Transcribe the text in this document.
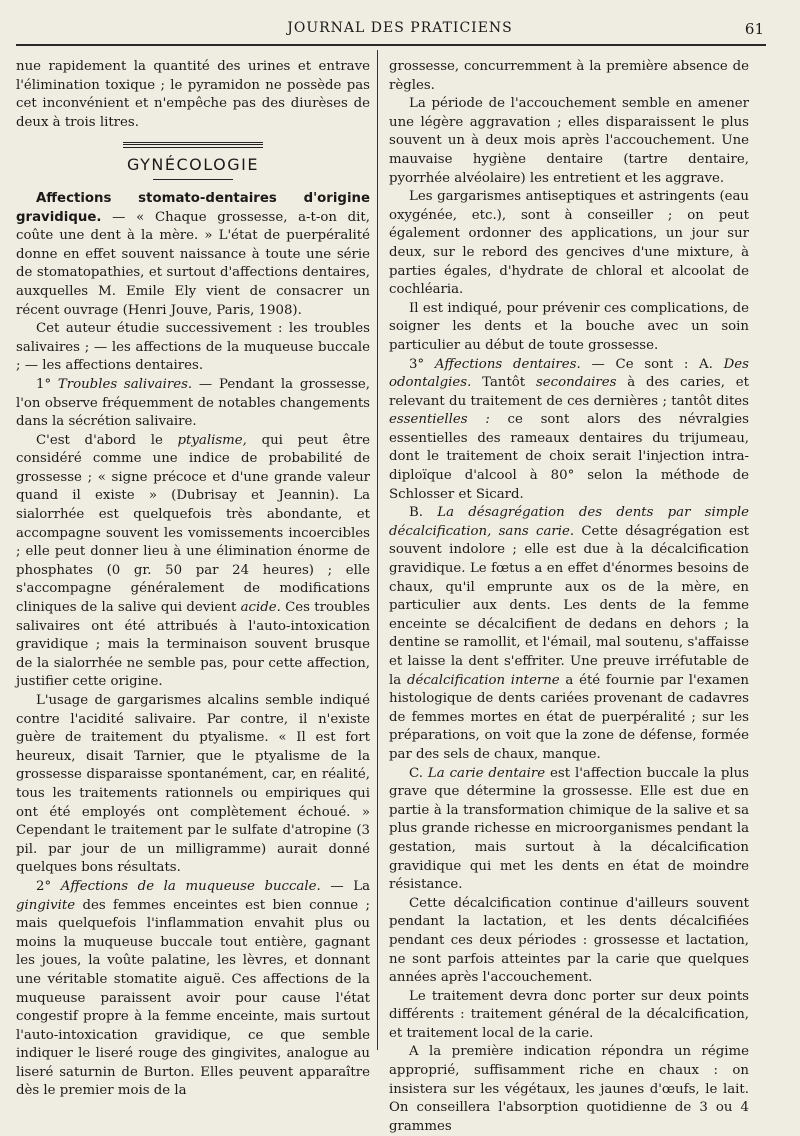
JOURNAL DES PRATICIENS	61

nue rapidement la quantité des urines et entrave l'élimination toxique ; le pyramidon ne possède pas cet inconvénient et n'empêche pas des diurèses de deux à trois litres.

GYNÉCOLOGIE

Affections stomato-dentaires d'origine gravidique. — « Chaque grossesse, a-t-on dit, coûte une dent à la mère. » L'état de puerpéralité donne en effet souvent naissance à toute une série de stomatopathies, et surtout d'affections dentaires, auxquelles M. Emile Ely vient de consacrer un récent ouvrage (Henri Jouve, Paris, 1908).

Cet auteur étudie successivement : les troubles salivaires ; — les affections de la muqueuse buccale ; — les affections dentaires.

1° Troubles salivaires. — Pendant la grossesse, l'on observe fréquemment de notables changements dans la sécrétion salivaire.

C'est d'abord le ptyalisme, qui peut être considéré comme une indice de probabilité de grossesse ; « signe précoce et d'une grande valeur quand il existe » (Dubrisay et Jeannin). La sialorrhée est quelquefois très abondante, et accompagne souvent les vomissements incoercibles ; elle peut donner lieu à une élimination énorme de phosphates (0 gr. 50 par 24 heures) ; elle s'accompagne généralement de modifications cliniques de la salive qui devient acide. Ces troubles salivaires ont été attribués à l'auto-intoxication gravidique ; mais la terminaison souvent brusque de la sialorrhée ne semble pas, pour cette affection, justifier cette origine.

L'usage de gargarismes alcalins semble indiqué contre l'acidité salivaire. Par contre, il n'existe guère de traitement du ptyalisme. « Il est fort heureux, disait Tarnier, que le ptyalisme de la grossesse disparaisse spontanément, car, en réalité, tous les traitements rationnels ou empiriques qui ont été employés ont complètement échoué. » Cependant le traitement par le sulfate d'atropine (3 pil. par jour de un milligramme) aurait donné quelques bons résultats.

2° Affections de la muqueuse buccale. — La gingivite des femmes enceintes est bien connue ; mais quelquefois l'inflammation envahit plus ou moins la muqueuse buccale tout entière, gagnant les joues, la voûte palatine, les lèvres, et donnant une véritable stomatite aiguë. Ces affections de la muqueuse paraissent avoir pour cause l'état congestif propre à la femme enceinte, mais surtout l'auto-intoxication gravidique, ce que semble indiquer le liseré rouge des gingivites, analogue au liseré saturnin de Burton. Elles peuvent apparaître dès le premier mois de la

grossesse, concurremment à la première absence de règles.

La période de l'accouchement semble en amener une légère aggravation ; elles disparaissent le plus souvent un à deux mois après l'accouchement. Une mauvaise hygiène dentaire (tartre dentaire, pyorrhée alvéolaire) les entretient et les aggrave.

Les gargarismes antiseptiques et astringents (eau oxygénée, etc.), sont à conseiller ; on peut également ordonner des applications, un jour sur deux, sur le rebord des gencives d'une mixture, à parties égales, d'hydrate de chloral et alcoolat de cochléaria.

Il est indiqué, pour prévenir ces complications, de soigner les dents et la bouche avec un soin particulier au début de toute grossesse.

3° Affections dentaires. — Ce sont : A. Des odontalgies. Tantôt secondaires à des caries, et relevant du traitement de ces dernières ; tantôt dites essentielles : ce sont alors des névralgies essentielles des rameaux dentaires du trijumeau, dont le traitement de choix serait l'injection intra-diploïque d'alcool à 80° selon la méthode de Schlosser et Sicard.

B. La désagrégation des dents par simple décalcification, sans carie. Cette désagrégation est souvent indolore ; elle est due à la décalcification gravidique. Le fœtus a en effet d'énormes besoins de chaux, qu'il emprunte aux os de la mère, en particulier aux dents. Les dents de la femme enceinte se décalcifient de dedans en dehors ; la dentine se ramollit, et l'émail, mal soutenu, s'affaisse et laisse la dent s'effriter. Une preuve irréfutable de la décalcification interne a été fournie par l'examen histologique de dents cariées provenant de cadavres de femmes mortes en état de puerpéralité ; sur les préparations, on voit que la zone de défense, formée par des sels de chaux, manque.

C. La carie dentaire est l'affection buccale la plus grave que détermine la grossesse. Elle est due en partie à la transformation chimique de la salive et sa plus grande richesse en microorganismes pendant la gestation, mais surtout à la décalcification gravidique qui met les dents en état de moindre résistance.

Cette décalcification continue d'ailleurs souvent pendant la lactation, et les dents décalcifiées pendant ces deux périodes : grossesse et lactation, ne sont parfois atteintes par la carie que quelques années après l'accouchement.

Le traitement devra donc porter sur deux points différents : traitement général de la décalcification, et traitement local de la carie.

A la première indication répondra un régime approprié, suffisamment riche en chaux : on insistera sur les végétaux, les jaunes d'œufs, le lait. On conseillera l'absorption quotidienne de 3 ou 4 grammes
